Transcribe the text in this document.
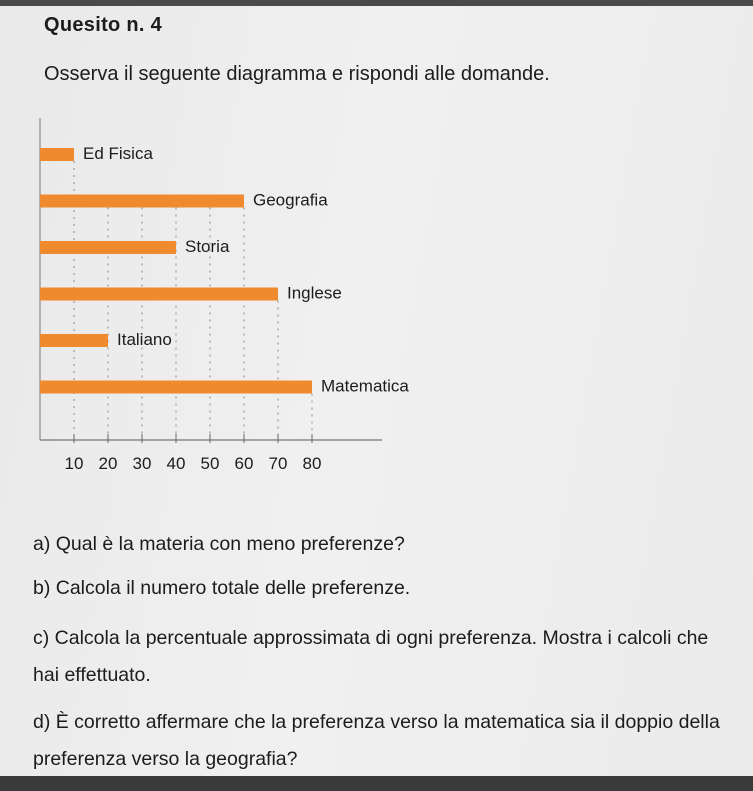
Quesito n. 4
Osserva il seguente diagramma e rispondi alle domande.
Ed Fisica
Geografia
Storia
Inglese
Italiano
Matematica
10 20 30 40 50 60 70 80

a) Qual è la materia con meno preferenze?

b) Calcola il numero totale delle preferenze.

c) Calcola la percentuale approssimata di ogni preferenza. Mostra i calcoli che hai effettuato.

d) È corretto affermare che la preferenza verso la matematica sia il doppio della preferenza verso la geografia?
